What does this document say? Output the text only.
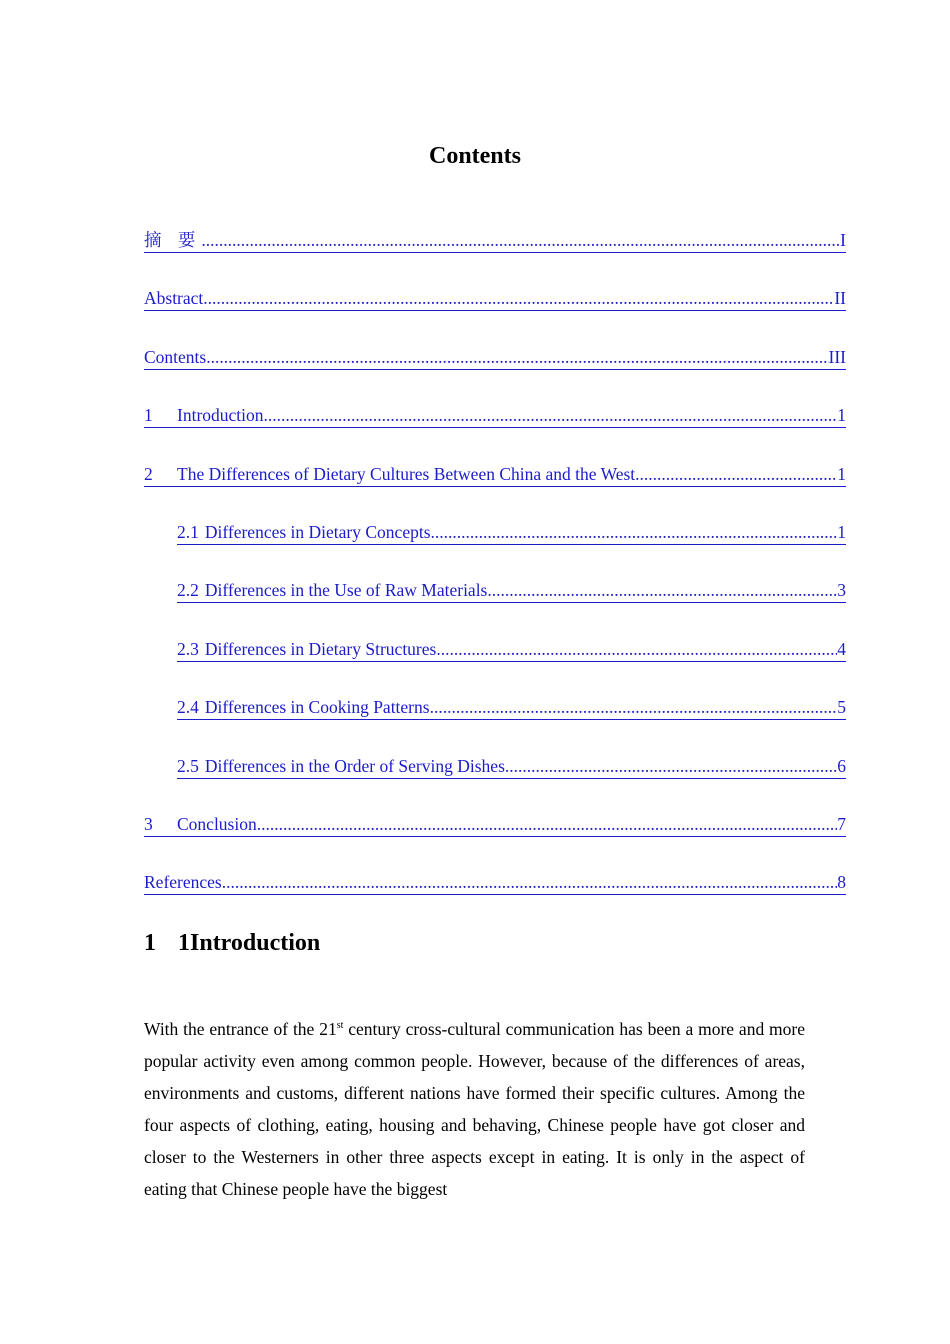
Contents
摘 要 .....	I
Abstract .....	II
Contents .....	III
1 Introduction .....	1
2 The Differences of Dietary Cultures Between China and the West .....	1
2.1 Differences in Dietary Concepts .....	1
2.2 Differences in the Use of Raw Materials .....	3
2.3 Differences in Dietary Structures .....	4
2.4 Differences in Cooking Patterns .....	5
2.5 Differences in the Order of Serving Dishes .....	6
3 Conclusion .....	7
References .....	8
1 1Introduction

With the entrance of the 21st century cross-cultural communication has been a more and more popular activity even among common people. However, because of the differences of areas, environments and customs, different nations have formed their specific cultures. Among the four aspects of clothing, eating, housing and behaving, Chinese people have got closer and closer to the Westerners in other three aspects except in eating. It is only in the aspect of eating that Chinese people have the biggest
